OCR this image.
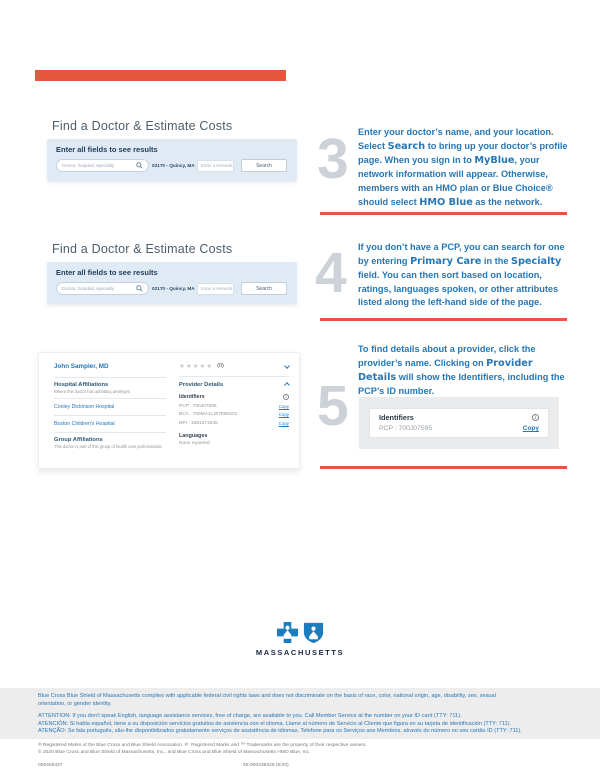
Find a Doctor & Estimate Costs
Enter all fields to see results
Doctor, hospital, specialty	02170 - Quincy, MA Enter a Network	Search 3 Enter your doctor’s name, and your location. Select Search to bring up your doctor’s profile page. When you sign in to MyBlue, your network information will appear. Otherwise, members with an HMO plan or Blue Choice® should select HMO Blue as the network.
Find a Doctor & Estimate Costs
Enter all fields to see results
Doctor, hospital, specialty	02170 - Quincy, MA Enter a Network	Search 4 If you don’t have a PCP, you can search for one by entering Primary Care in the Specialty field. You can then sort based on location, ratings, languages spoken, or other attributes listed along the left-hand side of the page.
John Sampler, MD
Hospital Affiliations
Where this doctor has admitting privileges
Cooley Dickinson Hospital
Boston Children's Hospital
Group Affiliations
This doctor is part of this group of health care professionals.
★★★★★ (0)
Provider Details
Identifiers	i
PCP : 700J07595	Copy
BCA : 700MA1LJ07595S01	Copy
NPI : 1881371645	Copy
Languages
None reported
5
To find details about a provider, click the provider’s name. Clicking on Provider Details will show the Identifiers, including the PCP’s ID number.
Identifiers	i
PCP : 700J07595	Copy
MASSACHUSETTS
Blue Cross Blue Shield of Massachusetts complies with applicable federal civil rights laws and does not discriminate on the basis of race, color, national origin, age, disability, sex, sexual orientation, or gender identity.
ATTENTION: If you don’t speak English, language assistance services, free of charge, are available to you. Call Member Service at the number on your ID card (TTY: 711).
ATENCIÓN: Si habla español, tiene a su disposición servicios gratuitos de asistencia con el idioma. Llame al número de Servicio al Cliente que figura en su tarjeta de identificación (TTY: 711).
ATENÇÃO: Se fala português, são-lhe disponibilizados gratuitamente serviços de assistência de idiomas. Telefone para os Serviços aos Membros, através do número no seu cartão ID (TTY: 711).
® Registered Marks of the Blue Cross and Blue Shield Association. ®´ Registered Marks and ™ Trademarks are the property of their respective owners.
© 2020 Blue Cross and Blue Shield of Massachusetts, Inc., and Blue Cross and Blue Shield of Massachusetts HMO Blue, Inc.
000455437	55-000338326 (5/20)
